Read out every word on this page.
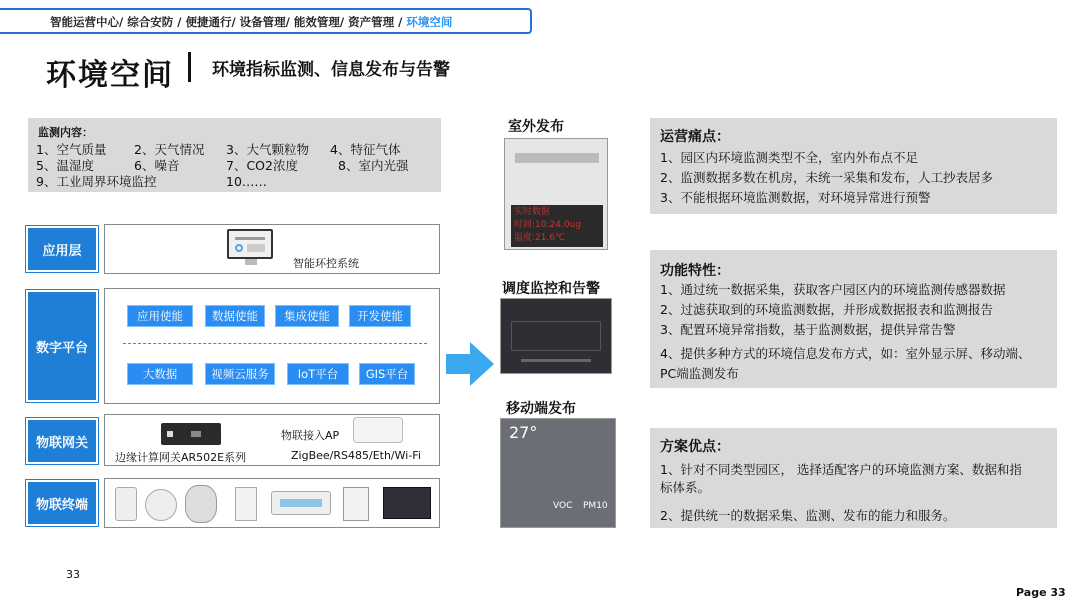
智能运营中心/ 综合安防 / 便捷通行/ 设备管理/ 能效管理/ 资产管理 / 环境空间
环境空间 环境指标监测、信息发布与告警
监测内容：
1、空气质量 2、天气情况 3、大气颗粒物 4、特征气体
5、温湿度	6、噪音	7、CO2浓度	8、室内光强
9、工业周界环境监控	10……
应用层
智能环控系统
数字平台
应用使能	数据使能	集成使能	开发使能
大数据	视频云服务	IoT平台	GIS平台
物联网关
边缘计算网关AR502E系列
物联接入AP
ZigBee/RS485/Eth/Wi-Fi
物联终端
室外发布
实时数据
时间:10:24.0ug
温度:21.6℃
调度监控和告警
移动端发布
27°
VOC PM10
运营痛点：
1、园区内环境监测类型不全，室内外布点不足
2、监测数据多数在机房，未统一采集和发布，人工抄表居多
3、不能根据环境监测数据，对环境异常进行预警
功能特性：
1、通过统一数据采集，获取客户园区内的环境监测传感器数据
2、过滤获取到的环境监测数据，并形成数据报表和监测报告
3、配置环境异常指数，基于监测数据，提供异常告警
4、提供多种方式的环境信息发布方式，如：室外显示屏、移动端、
PC端监测发布
方案优点：
1、针对不同类型园区， 选择适配客户的环境监测方案、数据和指
标体系。
2、提供统一的数据采集、监测、发布的能力和服务。
33
Page 33
